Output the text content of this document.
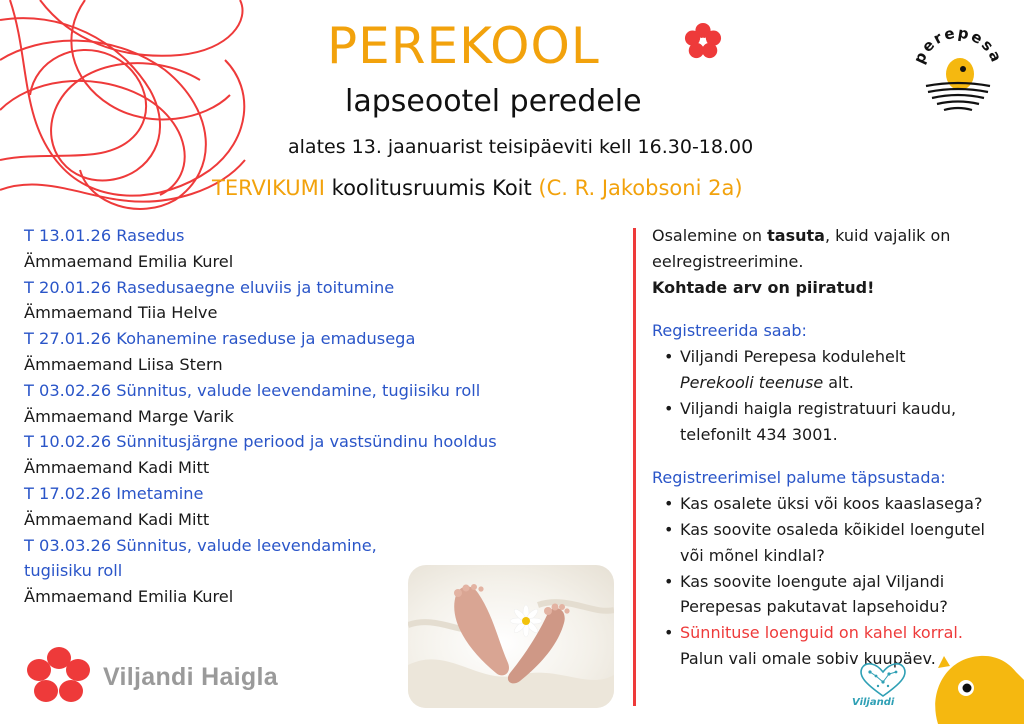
PEREKOOL
lapseootel peredele
alates 13. jaanuarist teisipäeviti kell 16.30-18.00
TERVIKUMI koolitusruumis Koit (C. R. Jakobsoni 2a)
perepesa
T 13.01.26 Rasedus
Ämmaemand Emilia Kurel
T 20.01.26 Rasedusaegne eluviis ja toitumine
Ämmaemand Tiia Helve
T 27.01.26 Kohanemine raseduse ja emadusega
Ämmaemand Liisa Stern
T 03.02.26 Sünnitus, valude leevendamine, tugiisiku roll
Ämmaemand Marge Varik
T 10.02.26 Sünnitusjärgne periood ja vastsündinu hooldus
Ämmaemand Kadi Mitt
T 17.02.26 Imetamine
Ämmaemand Kadi Mitt
T 03.03.26 Sünnitus, valude leevendamine,
tugiisiku roll
Ämmaemand Emilia Kurel

Osalemine on tasuta, kuid vajalik on eelregistreerimine.

Kohtade arv on piiratud!

Registreerida saab:

• Viljandi Perepesa kodulehelt
Perekooli teenuse alt.
• Viljandi haigla registratuuri kaudu, telefonilt 434 3001.

Registreerimisel palume täpsustada:

• Kas osalete üksi või koos kaaslasega?
• Kas soovite osaleda kõikidel loengutel või mõnel kindlal?
• Kas soovite loengute ajal Viljandi Perepesas pakutavat lapsehoidu?
• Sünnituse loenguid on kahel korral.
Palun vali omale sobiv kuupäev.
Viljandi Haigla
Viljandi
